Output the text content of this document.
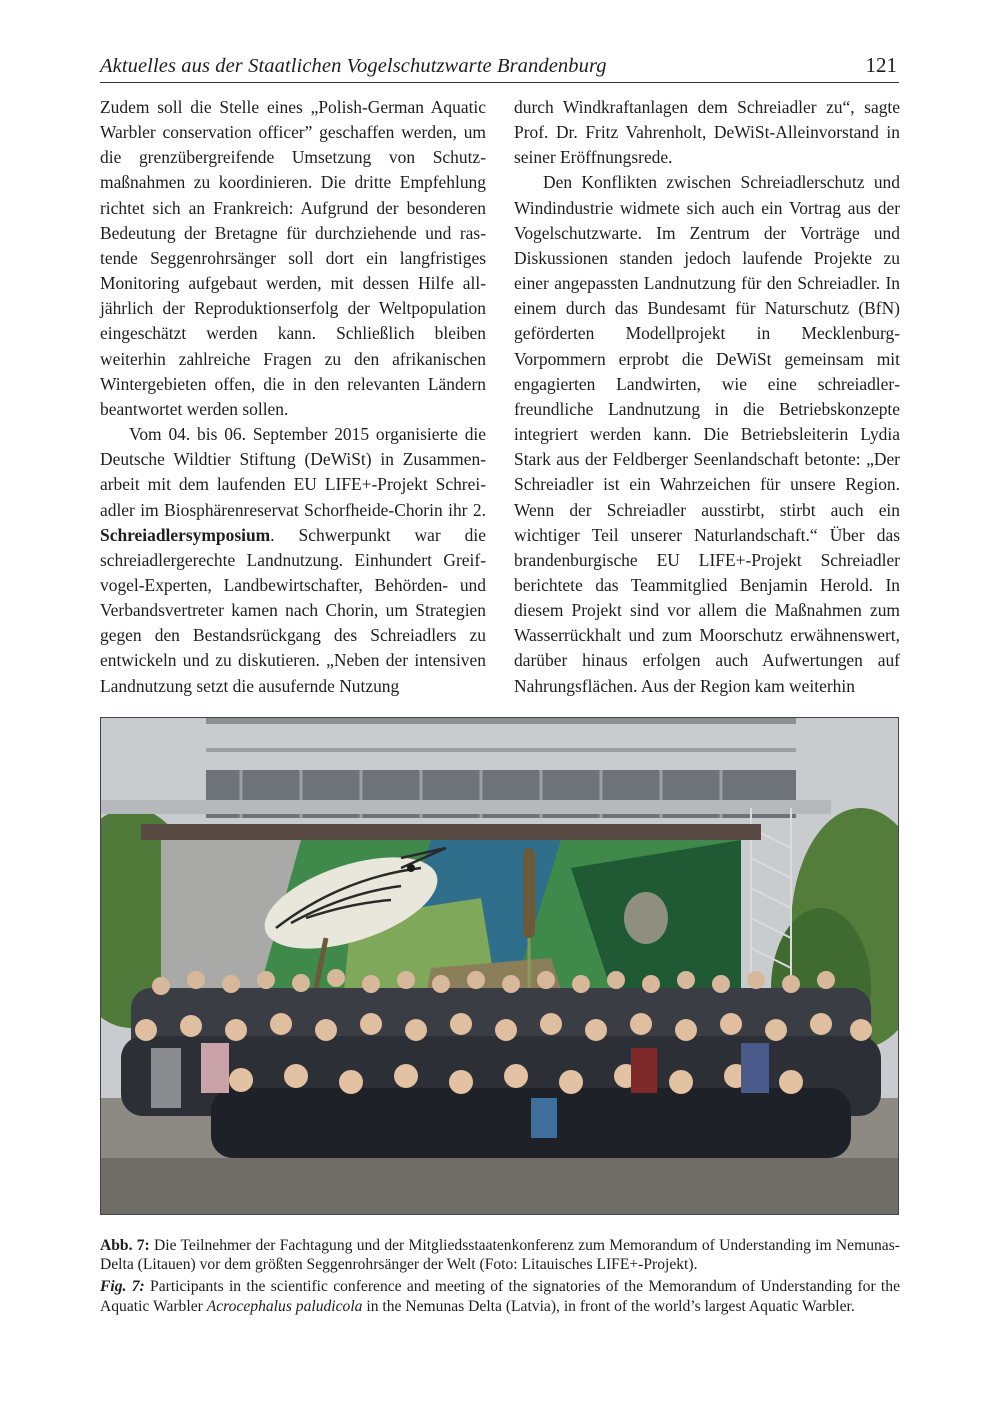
Aktuelles aus der Staatlichen Vogelschutzwarte Brandenburg	121

Zudem soll die Stelle eines „Polish-German Aquatic Warbler conservation officer” geschaffen werden, um die grenzübergreifende Umsetzung von Schutzmaßnahmen zu koordinieren. Die dritte Empfehlung richtet sich an Frankreich: Aufgrund der besonderen Bedeutung der Bretagne für durchziehende und rastende Seggenrohrsänger soll dort ein langfristiges Monitoring aufgebaut werden, mit dessen Hilfe alljährlich der Reproduktionserfolg der Weltpopulation eingeschätzt werden kann. Schließlich bleiben weiterhin zahlreiche Fragen zu den afrikanischen Wintergebieten offen, die in den relevanten Ländern beantwortet werden sollen.

Vom 04. bis 06. September 2015 organisierte die Deutsche Wildtier Stiftung (DeWiSt) in Zusammenarbeit mit dem laufenden EU LIFE+-Projekt Schreiadler im Biosphärenreservat Schorfheide-Chorin ihr 2. Schreiadlersymposium. Schwerpunkt war die schreiadlergerechte Landnutzung. Einhundert Greifvogel-Experten, Landbewirtschafter, Behörden- und Verbandsvertreter kamen nach Chorin, um Strategien gegen den Bestandsrückgang des Schreiadlers zu entwickeln und zu diskutieren. „Neben der intensiven Landnutzung setzt die ausufernde Nutzung

durch Windkraftanlagen dem Schreiadler zu“, sagte Prof. Dr. Fritz Vahrenholt, DeWiSt-Alleinvorstand in seiner Eröffnungsrede.

Den Konflikten zwischen Schreiadlerschutz und Windindustrie widmete sich auch ein Vortrag aus der Vogelschutzwarte. Im Zentrum der Vorträge und Diskussionen standen jedoch laufende Projekte zu einer angepassten Landnutzung für den Schreiadler. In einem durch das Bundesamt für Naturschutz (BfN) geförderten Modellprojekt in Mecklenburg-Vorpommern erprobt die DeWiSt gemeinsam mit engagierten Landwirten, wie eine schreiadlerfreundliche Landnutzung in die Betriebskonzepte integriert werden kann. Die Betriebsleiterin Lydia Stark aus der Feldberger Seenlandschaft betonte: „Der Schreiadler ist ein Wahrzeichen für unsere Region. Wenn der Schreiadler ausstirbt, stirbt auch ein wichtiger Teil unserer Naturlandschaft.“ Über das brandenburgische EU LIFE+-Projekt Schreiadler berichtete das Teammitglied Benjamin Herold. In diesem Projekt sind vor allem die Maßnahmen zum Wasserrückhalt und zum Moorschutz erwähnenswert, darüber hinaus erfolgen auch Aufwertungen auf Nahrungsflächen. Aus der Region kam weiterhin

Abb. 7: Die Teilnehmer der Fachtagung und der Mitgliedsstaatenkonferenz zum Memorandum of Understanding im Nemunas-Delta (Litauen) vor dem größten Seggenrohrsänger der Welt (Foto: Litauisches LIFE+-Projekt).

Fig. 7: Participants in the scientific conference and meeting of the signatories of the Memorandum of Understanding for the Aquatic Warbler Acrocephalus paludicola in the Nemunas Delta (Latvia), in front of the world’s largest Aquatic Warbler.
